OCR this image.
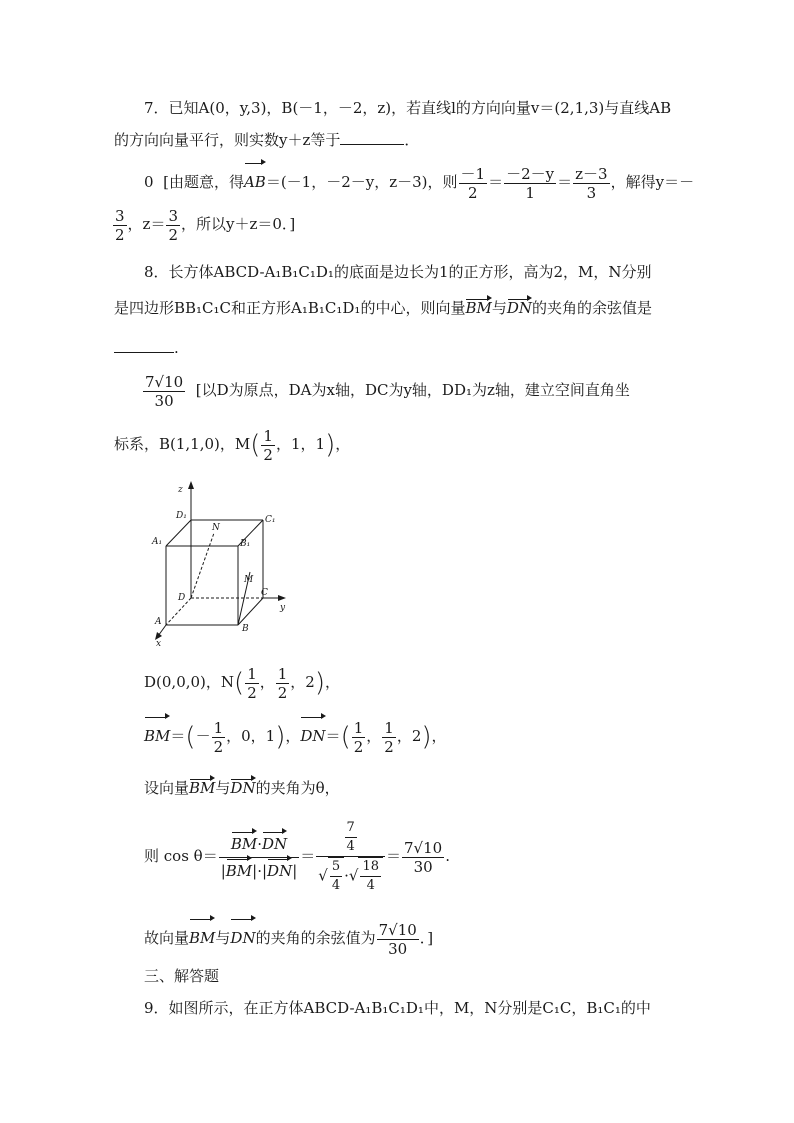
7．已知A(0，y,3)，B(－1，－2，z)，若直线l的方向向量v＝(2,1,3)与直线AB
的方向向量平行，则实数y＋z等于	．
0 [由题意，得AB＝(－1，－2－y，z－3)，则 $\frac{-1}{2} = \frac{-2-y}{1} = \frac{z-3}{3}$ ，解得y＝－
$\frac{3}{2}$ ，$z= \frac{3}{2}$ ，所以y＋z＝0．]
8．长方体ABCD-A₁B₁C₁D₁的底面是边长为1的正方形，高为2，M，N分别
是四边形BB₁C₁C和正方形A₁B₁C₁D₁的中心，则向量BM与DN的夹角的余弦值是
.
$\frac{7√10}{30}$ [以D为原点，DA为x轴，DC为y轴，DD₁为z轴，建立空间直角坐
标系，B(1,1,0)，$M( \frac{1}{2}$ ，1，1)，
z
D₁
N
C₁
A₁	B₁
M
D	C
y
A
B
x
D(0,0,0)，$N( \frac{1}{2}$ ， $\frac{1}{2}$ ，2)，
$BM=(- \frac{1}{2}$ ，0，1)，$DN=( \frac{1}{2}$ ， $\frac{1}{2}$ ，2)，
设向量BM与DN的夹角为θ，
则 $\cos \theta= \frac{BM\cdot DN}{|BM|\cdot|DN|} = \frac{\frac{7}{4}}{√ \frac{5}{4} \cdot√ \frac{18}{4}} = \frac{7√10}{30}$ .
故向量BM与DN的夹角的余弦值为 $\frac{7√10}{30}$ ．]
三、解答题
9．如图所示，在正方体ABCD-A₁B₁C₁D₁中，M，N分别是C₁C，B₁C₁的中
